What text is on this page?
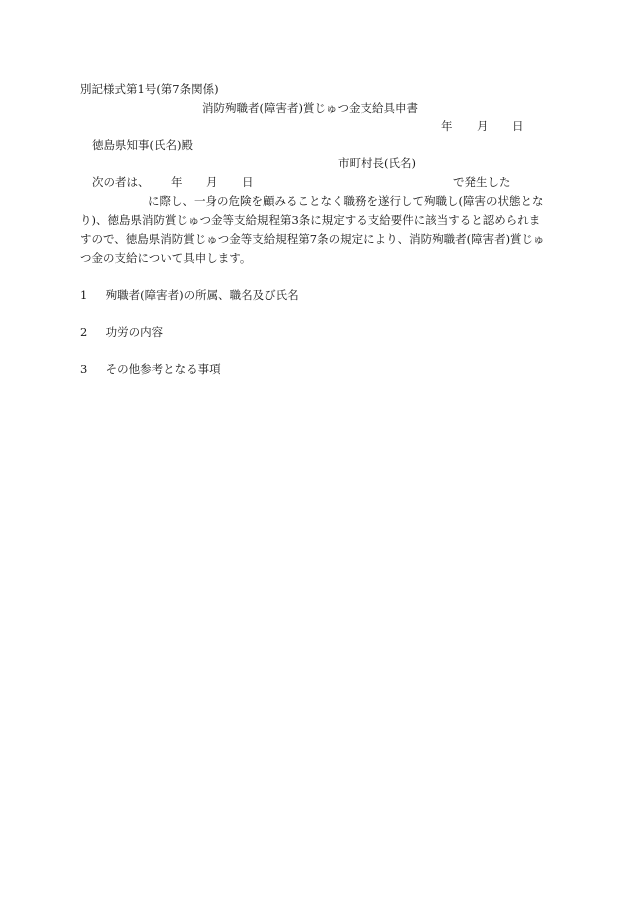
別記様式第1号(第7条関係)
消防殉職者(障害者)賞じゅつ金支給具申書
年 月 日
徳島県知事(氏名)殿
市町村長(氏名)
次の者は、 年 月 日	で発生した
に際し、一身の危険を顧みることなく職務を遂行して殉職し(障害の状態とな
り)、徳島県消防賞じゅつ金等支給規程第3条に規定する支給要件に該当すると認められま
すので、徳島県消防賞じゅつ金等支給規程第7条の規定により、消防殉職者(障害者)賞じゅ
つ金の支給について具申します。
1 殉職者(障害者)の所属、職名及び氏名
2 功労の内容
3 その他参考となる事項
